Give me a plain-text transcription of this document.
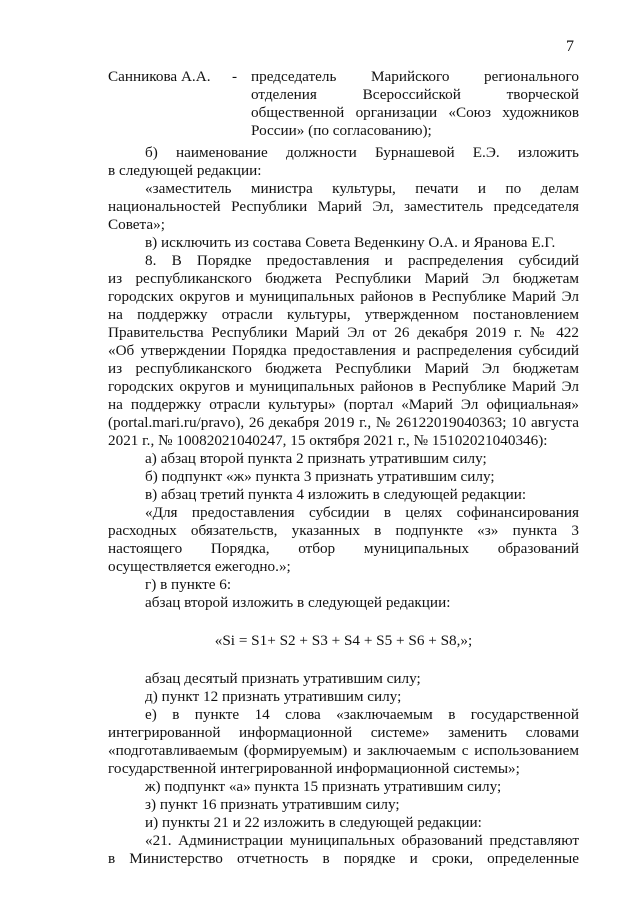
7
Санникова А.А. - председатель Марийского регионального
отделения Всероссийской творческой
общественной организации «Союз художников
России» (по согласованию);
б) наименование должности Бурнашевой Е.Э. изложить
в следующей редакции:
«заместитель министра культуры, печати и по делам
национальностей Республики Марий Эл, заместитель председателя
Совета»;
в) исключить из состава Совета Веденкину О.А. и Яранова Е.Г.
8. В Порядке предоставления и распределения субсидий
из республиканского бюджета Республики Марий Эл бюджетам
городских округов и муниципальных районов в Республике Марий Эл
на поддержку отрасли культуры, утвержденном постановлением
Правительства Республики Марий Эл от 26 декабря 2019 г. № 422
«Об утверждении Порядка предоставления и распределения субсидий
из республиканского бюджета Республики Марий Эл бюджетам
городских округов и муниципальных районов в Республике Марий Эл
на поддержку отрасли культуры» (портал «Марий Эл официальная»
(portal.mari.ru/pravo), 26 декабря 2019 г., № 26122019040363; 10 августа
2021 г., № 10082021040247, 15 октября 2021 г., № 15102021040346):
а) абзац второй пункта 2 признать утратившим силу;
б) подпункт «ж» пункта 3 признать утратившим силу;
в) абзац третий пункта 4 изложить в следующей редакции:
«Для предоставления субсидии в целях софинансирования
расходных обязательств, указанных в подпункте «з» пункта 3
настоящего Порядка, отбор муниципальных образований
осуществляется ежегодно.»;
г) в пункте 6:
абзац второй изложить в следующей редакции:
«Si = S1+ S2 + S3 + S4 + S5 + S6 + S8,»;
абзац десятый признать утратившим силу;
д) пункт 12 признать утратившим силу;
е) в пункте 14 слова «заключаемым в государственной
интегрированной информационной системе» заменить словами
«подготавливаемым (формируемым) и заключаемым с использованием
государственной интегрированной информационной системы»;
ж) подпункт «а» пункта 15 признать утратившим силу;
з) пункт 16 признать утратившим силу;
и) пункты 21 и 22 изложить в следующей редакции:
«21. Администрации муниципальных образований представляют
в Министерство отчетность в порядке и сроки, определенные
